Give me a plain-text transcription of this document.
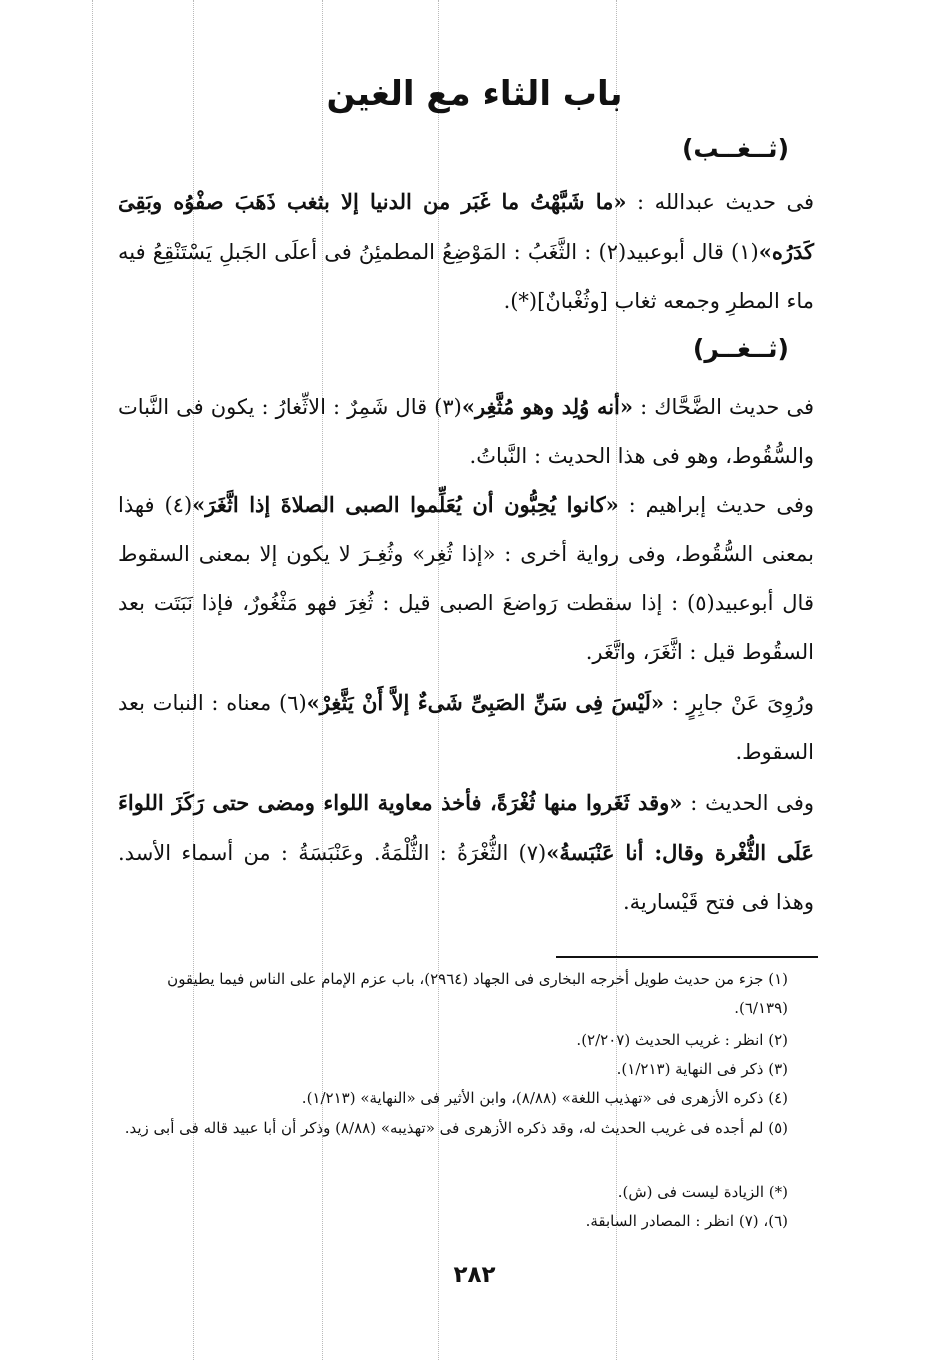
باب الثاء مع الغين
(ثــغــب)

فى حديث عبدالله : «ما شَبَّهْتُ ما غَبَر من الدنيا إلا بثغب ذَهَبَ صفْوُه وبَقِىَ كَدَرُه»(١) قال أبوعبيد(٢) : الثَّغَبُ : المَوْضِعُ المطمئِنُ فى أعلَى الجَبلِ يَسْتَنْقِعُ فيه ماء المطرِ وجمعه ثغاب [وثُغْبانٌ](*).

(ثــغــر)

فى حديث الضَّحَّاك : «أنه وُلِد وهو مُثَّغِر»(٣) قال شَمِرٌ : الاثِّغارُ : يكون فى النَّبات والسُّقُوط، وهو فى هذا الحديث : النَّباتُ.

وفى حديث إبراهيم : «كانوا يُحِبُّون أن يُعَلِّموا الصبى الصلاةَ إذا اثَّغَرَ»(٤) فهذا بمعنى السُّقُوط، وفى رواية أخرى : «إذا ثُغِر» وثُغِـرَ لا يكون إلا بمعنى السقوط قال أبوعبيد(٥) : إذا سقطت رَواضعَ الصبى قيل : ثُغِرَ فهو مَثْغُورٌ، فإذا نَبَتَت بعد السقُوط قيل : اثَّغَرَ، واتَّغَر.

ورُوِىَ عَنْ جابِرٍ : «لَيْسَ فِى سَنِّ الصَبِىِّ شَىءٌ إلاَّ أَنْ يَثَّغِرْ»(٦) معناه : النبات بعد السقوط.

وفى الحديث : «وقد ثَغَروا منها ثُغْرَةً، فأخذ معاوية اللواء ومضى حتى رَكَزَ اللواءَ عَلَى الثُّغْرة وقال: أنا عَنْبَسةُ»(٧) الثُّغْرَةُ : الثُّلْمَةُ. وعَنْبَسَةُ : من أسماء الأسد. وهذا فى فتح قَيْسارية.

(١) جزء من حديث طويل أخرجه البخارى فى الجهاد (٢٩٦٤)، باب عزم الإمام على الناس فيما يطيقون (٦/١٣٩).

(٢) انظر : غريب الحديث (٢/٢٠٧).

(٣) ذكر فى النهاية (١/٢١٣).

(٤) ذكره الأزهرى فى «تهذيب اللغة» (٨/٨٨)، وابن الأثير فى «النهاية» (١/٢١٣).

(٥) لم أجده فى غريب الحديث له، وقد ذكره الأزهرى فى «تهذيبه» (٨/٨٨) وذكر أن أبا عبيد قاله فى أبى زيد.

(*) الزيادة ليست فى (ش).

(٦)، (٧) انظر : المصادر السابقة.

٢٨٢
